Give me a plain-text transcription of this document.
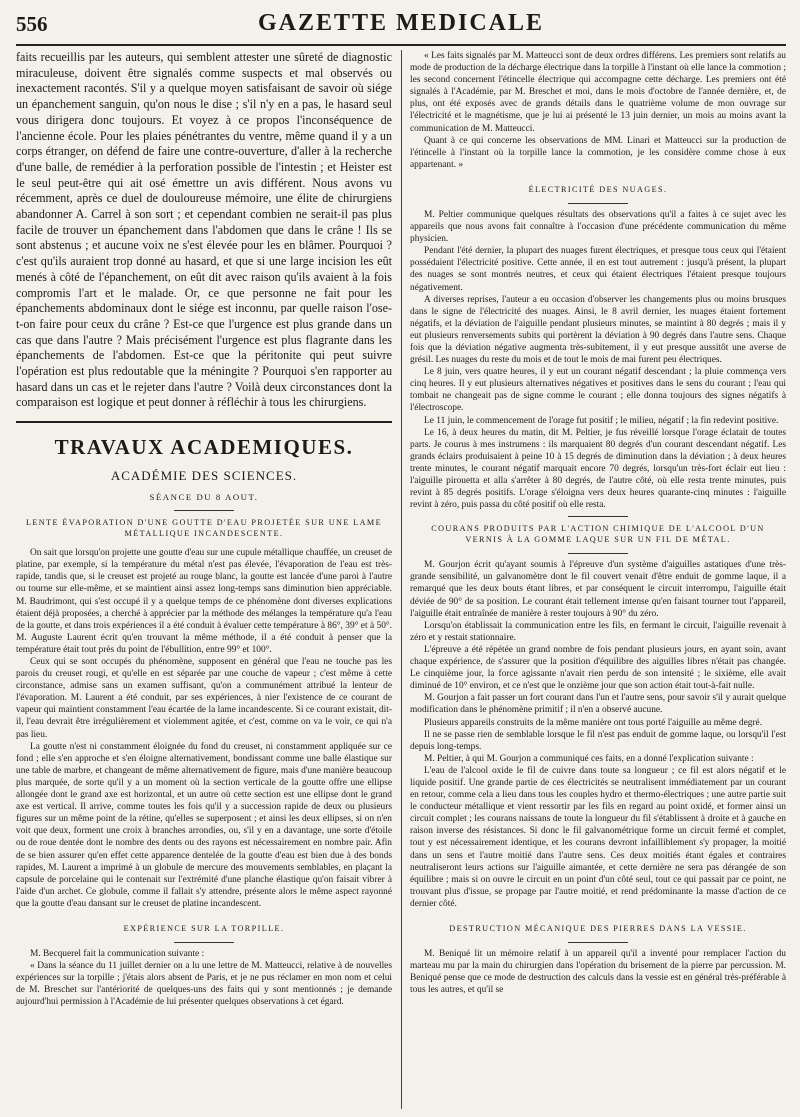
556	GAZETTE MEDICALE

faits recueillis par les auteurs, qui semblent attester une sûreté de diagnostic miraculeuse, doivent être signalés comme suspects et mal observés ou inexactement racontés. S'il y a quelque moyen satisfaisant de savoir où siége un épanchement sanguin, qu'on nous le dise ; s'il n'y en a pas, le hasard seul vous dirigera donc toujours. Et voyez à ce propos l'inconséquence de l'ancienne école. Pour les plaies pénétrantes du ventre, même quand il y a un corps étranger, on défend de faire une contre-ouverture, d'aller à la recherche d'une balle, de remédier à la perforation possible de l'intestin ; et Heister est le seul peut-être qui ait osé émettre un avis différent. Nous avons vu récemment, après ce duel de douloureuse mémoire, une élite de chirurgiens abandonner A. Carrel à son sort ; et cependant combien ne serait-il pas plus facile de trouver un épanchement dans l'abdomen que dans le crâne ! Ils se sont abstenus ; et aucune voix ne s'est élevée pour les en blâmer. Pourquoi ? c'est qu'ils auraient trop donné au hasard, et que si une large incision les eût menés à côté de l'épanchement, on eût dit avec raison qu'ils avaient à la fois compromis l'art et le malade. Or, ce que personne ne fait pour les épanchements abdominaux dont le siége est inconnu, par quelle raison l'ose-t-on faire pour ceux du crâne ? Est-ce que l'urgence est plus grande dans un cas que dans l'autre ? Mais précisément l'urgence est plus flagrante dans les épanchements de l'abdomen. Est-ce que la péritonite qui peut suivre l'opération est plus redoutable que la méningite ? Pourquoi s'en rapporter au hasard dans un cas et le rejeter dans l'autre ? Voilà deux circonstances dont la comparaison est logique et peut donner à réfléchir à tous les chirurgiens.

TRAVAUX ACADEMIQUES.
ACADÉMIE DES SCIENCES.
SÉANCE DU 8 AOUT.
LENTE ÉVAPORATION D'UNE GOUTTE D'EAU PROJETÉE SUR UNE LAME MÉTALLIQUE INCANDESCENTE.

On sait que lorsqu'on projette une goutte d'eau sur une cupule métallique chauffée, un creuset de platine, par exemple, si la température du métal n'est pas élevée, l'évaporation de l'eau est très-rapide, tandis que, si le creuset est projeté au rouge blanc, la goutte est lancée d'une paroi à l'autre ou tourne sur elle-même, et se maintient ainsi assez long-temps sans diminution bien appréciable. M. Baudrimont, qui s'est occupé il y a quelque temps de ce phénomène dont diverses explications étaient déjà proposées, a cherché à apprécier par la méthode des mélanges la température qu'a l'eau de la goutte, et dans trois expériences il a été conduit à évaluer cette température à 86°, 39° et à 50°. M. Auguste Laurent écrit qu'en trouvant la même méthode, il a été conduit à penser que la température était tout près du point de l'ébullition, entre 99° et 100°.

Ceux qui se sont occupés du phénomène, supposent en général que l'eau ne touche pas les parois du creuset rougi, et qu'elle en est séparée par une couche de vapeur ; c'est même à cette circonstance, admise sans un examen suffisant, qu'on a communément attribué la lenteur de l'évaporation. M. Laurent a été conduit, par ses expériences, à nier l'existence de ce courant de vapeur qui maintient constamment l'eau écartée de la lame incandescente. Si ce courant existait, dit-il, l'eau devrait être irrégulièrement et violemment agitée, et c'est, comme on va le voir, ce qui n'a pas lieu.

La goutte n'est ni constamment éloignée du fond du creuset, ni constamment appliquée sur ce fond ; elle s'en approche et s'en éloigne alternativement, bondissant comme une balle élastique sur une table de marbre, et changeant de même alternativement de figure, mais d'une manière beaucoup plus marquée, de sorte qu'il y a un moment où la section verticale de la goutte offre une ellipse allongée dont le grand axe est horizontal, et un autre où cette section est une ellipse dont le grand axe est vertical. Il arrive, comme toutes les fois qu'il y a succession rapide de deux ou plusieurs figures sur un même point de la rétine, qu'elles se superposent ; et ainsi les deux ellipses, si on n'en voit que deux, forment une croix à branches arrondies, ou, s'il y en a davantage, une sorte d'étoile ou de roue dentée dont le nombre des dents ou des rayons est nécessairement en nombre pair. Afin de se bien assurer qu'en effet cette apparence dentelée de la goutte d'eau est bien due à des bonds rapides, M. Laurent a imprimé à un globule de mercure des mouvements semblables, en plaçant la capsule de porcelaine qui le contenait sur l'extrémité d'une planche élastique qu'on faisait vibrer à l'aide d'un archet. Ce globule, comme il fallait s'y attendre, présente alors le même aspect rayonné que la goutte d'eau dansant sur le creuset de platine incandescent.

EXPÉRIENCE SUR LA TORPILLE.

M. Becquerel fait la communication suivante :

« Dans la séance du 11 juillet dernier on a lu une lettre de M. Matteucci, relative à de nouvelles expériences sur la torpille ; j'étais alors absent de Paris, et je ne pus réclamer en mon nom et celui de M. Breschet sur l'antériorité de quelques-uns des faits qui y sont mentionnés ; je demande aujourd'hui permission à l'Académie de lui présenter quelques observations à cet égard.

« Les faits signalés par M. Matteucci sont de deux ordres différens. Les premiers sont relatifs au mode de production de la décharge électrique dans la torpille à l'instant où elle lance la commotion ; les second concernent l'étincelle électrique qui accompagne cette décharge. Les premiers ont été signalés à l'Académie, par M. Breschet et moi, dans le mois d'octobre de l'année dernière, et, de plus, ont été exposés avec de grands détails dans le quatrième volume de mon ouvrage sur l'électricité et le magnétisme, que je lui ai présenté le 13 juin dernier, un mois au moins avant la communication de M. Matteucci.

Quant à ce qui concerne les observations de MM. Linari et Matteucci sur la production de l'étincelle à l'instant où la torpille lance la commotion, je les considère comme chose à eux appartenant. »

ÉLECTRICITÉ DES NUAGES.

M. Peltier communique quelques résultats des observations qu'il a faites à ce sujet avec les appareils que nous avons fait connaître à l'occasion d'une précédente communication du même physicien.

Pendant l'été dernier, la plupart des nuages furent électriques, et presque tous ceux qui l'étaient possédaient l'électricité positive. Cette année, il en est tout autrement : jusqu'à présent, la plupart des nuages se sont montrés neutres, et ceux qui étaient électriques l'étaient presque toujours négativement.

A diverses reprises, l'auteur a eu occasion d'observer les changements plus ou moins brusques dans le signe de l'électricité des nuages. Ainsi, le 8 avril dernier, les nuages étaient fortement négatifs, et la déviation de l'aiguille pendant plusieurs minutes, se maintint à 80 degrés ; mais il y eut plusieurs renversements subits qui portèrent la déviation à 90 degrés dans l'autre sens. Chaque fois que la déviation négative augmenta très-subitement, il y eut presque aussitôt une averse de grésil. Les nuages du reste du mois et de tout le mois de mai furent peu électriques.

Le 8 juin, vers quatre heures, il y eut un courant négatif descendant ; la pluie commença vers cinq heures. Il y eut plusieurs alternatives négatives et positives dans le sens du courant ; l'eau qui tombait ne changeait pas de signe comme le courant ; elle donna toujours des signes négatifs à l'électroscope.

Le 11 juin, le commencement de l'orage fut positif ; le milieu, négatif ; la fin redevint positive.

Le 16, à deux heures du matin, dit M. Peltier, je fus réveillé lorsque l'orage éclatait de toutes parts. Je courus à mes instrumens : ils marquaient 80 degrés d'un courant descendant négatif. Les grands éclairs produisaient à peine 10 à 15 degrés de diminution dans la déviation ; à deux heures trente minutes, le courant négatif marquait encore 70 degrés, lorsqu'un très-fort éclair eut lieu : l'aiguille pirouetta et alla s'arrêter à 80 degrés, de l'autre côté, où elle resta trente minutes, puis revint à 85 degrés positifs. L'orage s'éloigna vers deux heures quarante-cinq minutes : l'aiguille revint à zéro, puis passa du côté positif où elle resta.

COURANS PRODUITS PAR L'ACTION CHIMIQUE DE L'ALCOOL D'UN VERNIS À LA GOMME LAQUE SUR UN FIL DE MÉTAL.

M. Gourjon écrit qu'ayant soumis à l'épreuve d'un système d'aiguilles astatiques d'une très-grande sensibilité, un galvanomètre dont le fil couvert venait d'être enduit de gomme laque, il a remarqué que les deux bouts étant libres, et par conséquent le circuit interrompu, l'aiguille était déviée de 90° de sa position. Le courant était tellement intense qu'en faisant tourner tout l'appareil, l'aiguille était entraînée de manière à rester toujours à 90° du zéro.

Lorsqu'on établissait la communication entre les fils, en fermant le circuit, l'aiguille revenait à zéro et y restait stationnaire.

L'épreuve a été répétée un grand nombre de fois pendant plusieurs jours, en ayant soin, avant chaque expérience, de s'assurer que la position d'équilibre des aiguilles libres n'était pas changée. Le cinquième jour, la force agissante n'avait rien perdu de son intensité ; le sixième, elle avait diminué de 10° environ, et ce n'est que le onzième jour que son action était tout-à-fait nulle.

M. Gourjon a fait passer un fort courant dans l'un et l'autre sens, pour savoir s'il y aurait quelque modification dans le phénomène primitif ; il n'en a observé aucune.

Plusieurs appareils construits de la même manière ont tous porté l'aiguille au même degré.

Il ne se passe rien de semblable lorsque le fil n'est pas enduit de gomme laque, ou lorsqu'il l'est depuis long-temps.

M. Peltier, à qui M. Gourjon a communiqué ces faits, en a donné l'explication suivante :

L'eau de l'alcool oxide le fil de cuivre dans toute sa longueur ; ce fil est alors négatif et le liquide positif. Une grande partie de ces électricités se neutralisent immédiatement par un courant en retour, comme cela a lieu dans tous les couples hydro et thermo-électriques ; une autre partie suit le conducteur métallique et vient ressortir par les fils en regard au point oxidé, et former ainsi un circuit complet ; les courans naissans de toute la longueur du fil s'établissent à droite et à gauche en raison inverse des résistances. Si donc le fil galvanométrique forme un circuit fermé et complet, tout y est nécessairement identique, et les courans devront infailliblement s'y propager, la moitié dans un sens et l'autre moitié dans l'autre sens. Ces deux moitiés étant égales et contraires neutraliseront leurs actions sur l'aiguille aimantée, et cette dernière ne sera pas dérangée de son équilibre ; mais si on ouvre le circuit en un point d'un côté seul, tout ce qui passait par ce point, ne trouvant plus d'issue, se propage par l'autre moitié, et rend prédominante la masse d'action de ce dernier côté.

DESTRUCTION MÉCANIQUE DES PIERRES DANS LA VESSIE.

M. Beniqué lit un mémoire relatif à un appareil qu'il a inventé pour remplacer l'action du marteau mu par la main du chirurgien dans l'opération du brisement de la pierre par percussion. M. Beniqué pense que ce mode de destruction des calculs dans la vessie est en général très-préférable à tous les autres, et qu'il se
